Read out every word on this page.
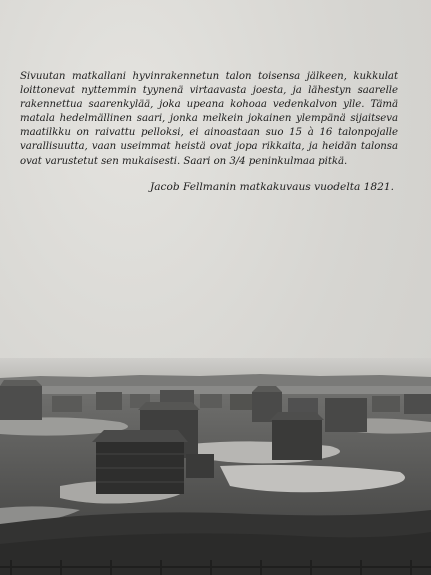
Sivuutan matkallani hyvinrakennetun talon toisensa jälkeen, kukkulat loittonevat nyttemmin tyynenä virtaavasta joesta, ja lähestyn saarelle rakennettua saarenkylää, joka upeana kohoaa vedenkalvon ylle. Tämä matala hedelmällinen saari, jonka melkein jokainen ylempänä sijaitseva maatilkku on raivattu pelloksi, ei ainoastaan suo 15 à 16 talonpojalle varallisuutta, vaan useimmat heistä ovat jopa rikkaita, ja heidän talonsa ovat varustetut sen mukaisesti. Saari on 3/4 peninkulmaa pitkä.

Jacob Fellmanin matkakuvaus vuodelta 1821.
